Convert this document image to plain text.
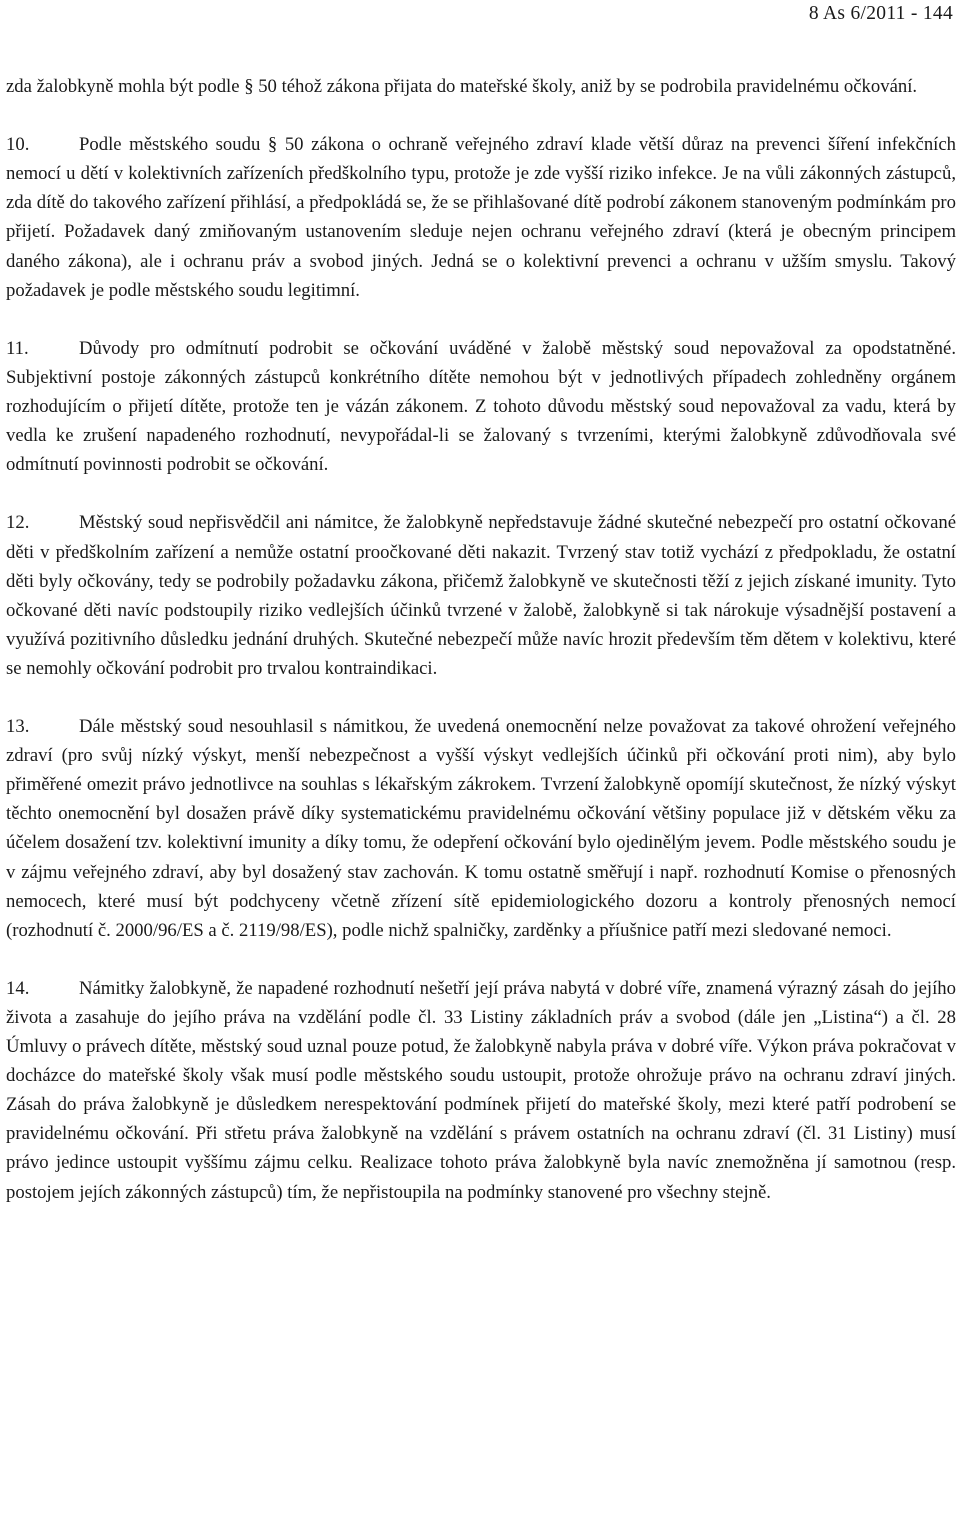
8 As 6/2011 - 144

zda žalobkyně mohla být podle § 50 téhož zákona přijata do mateřské školy, aniž by se podrobila pravidelnému očkování.

10.	Podle městského soudu § 50 zákona o ochraně veřejného zdraví klade větší důraz na prevenci šíření infekčních nemocí u dětí v kolektivních zařízeních předškolního typu, protože je zde vyšší riziko infekce. Je na vůli zákonných zástupců, zda dítě do takového zařízení přihlásí, a předpokládá se, že se přihlašované dítě podrobí zákonem stanoveným podmínkám pro přijetí. Požadavek daný zmiňovaným ustanovením sleduje nejen ochranu veřejného zdraví (která je obecným principem daného zákona), ale i ochranu práv a svobod jiných. Jedná se o kolektivní prevenci a ochranu v užším smyslu. Takový požadavek je podle městského soudu legitimní.

11.	Důvody pro odmítnutí podrobit se očkování uváděné v žalobě městský soud nepovažoval za opodstatněné. Subjektivní postoje zákonných zástupců konkrétního dítěte nemohou být v jednotlivých případech zohledněny orgánem rozhodujícím o přijetí dítěte, protože ten je vázán zákonem. Z tohoto důvodu městský soud nepovažoval za vadu, která by vedla ke zrušení napadeného rozhodnutí, nevypořádal-li se žalovaný s tvrzeními, kterými žalobkyně zdůvodňovala své odmítnutí povinnosti podrobit se očkování.

12.	Městský soud nepřisvědčil ani námitce, že žalobkyně nepředstavuje žádné skutečné nebezpečí pro ostatní očkované děti v předškolním zařízení a nemůže ostatní proočkované děti nakazit. Tvrzený stav totiž vychází z předpokladu, že ostatní děti byly očkovány, tedy se podrobily požadavku zákona, přičemž žalobkyně ve skutečnosti těží z jejich získané imunity. Tyto očkované děti navíc podstoupily riziko vedlejších účinků tvrzené v žalobě, žalobkyně si tak nárokuje výsadnější postavení a využívá pozitivního důsledku jednání druhých. Skutečné nebezpečí může navíc hrozit především těm dětem v kolektivu, které se nemohly očkování podrobit pro trvalou kontraindikaci.

13.	Dále městský soud nesouhlasil s námitkou, že uvedená onemocnění nelze považovat za takové ohrožení veřejného zdraví (pro svůj nízký výskyt, menší nebezpečnost a vyšší výskyt vedlejších účinků při očkování proti nim), aby bylo přiměřené omezit právo jednotlivce na souhlas s lékařským zákrokem. Tvrzení žalobkyně opomíjí skutečnost, že nízký výskyt těchto onemocnění byl dosažen právě díky systematickému pravidelnému očkování většiny populace již v dětském věku za účelem dosažení tzv. kolektivní imunity a díky tomu, že odepření očkování bylo ojedinělým jevem. Podle městského soudu je v zájmu veřejného zdraví, aby byl dosažený stav zachován. K tomu ostatně směřují i např. rozhodnutí Komise o přenosných nemocech, které musí být podchyceny včetně zřízení sítě epidemiologického dozoru a kontroly přenosných nemocí (rozhodnutí č. 2000/96/ES a č. 2119/98/ES), podle nichž spalničky, zarděnky a příušnice patří mezi sledované nemoci.

14.	Námitky žalobkyně, že napadené rozhodnutí nešetří její práva nabytá v dobré víře, znamená výrazný zásah do jejího života a zasahuje do jejího práva na vzdělání podle čl. 33 Listiny základních práv a svobod (dále jen „Listina“) a čl. 28 Úmluvy o právech dítěte, městský soud uznal pouze potud, že žalobkyně nabyla práva v dobré víře. Výkon práva pokračovat v docházce do mateřské školy však musí podle městského soudu ustoupit, protože ohrožuje právo na ochranu zdraví jiných. Zásah do práva žalobkyně je důsledkem nerespektování podmínek přijetí do mateřské školy, mezi které patří podrobení se pravidelnému očkování. Při střetu práva žalobkyně na vzdělání s právem ostatních na ochranu zdraví (čl. 31 Listiny) musí právo jedince ustoupit vyššímu zájmu celku. Realizace tohoto práva žalobkyně byla navíc znemožněna jí samotnou (resp. postojem jejích zákonných zástupců) tím, že nepřistoupila na podmínky stanovené pro všechny stejně.
